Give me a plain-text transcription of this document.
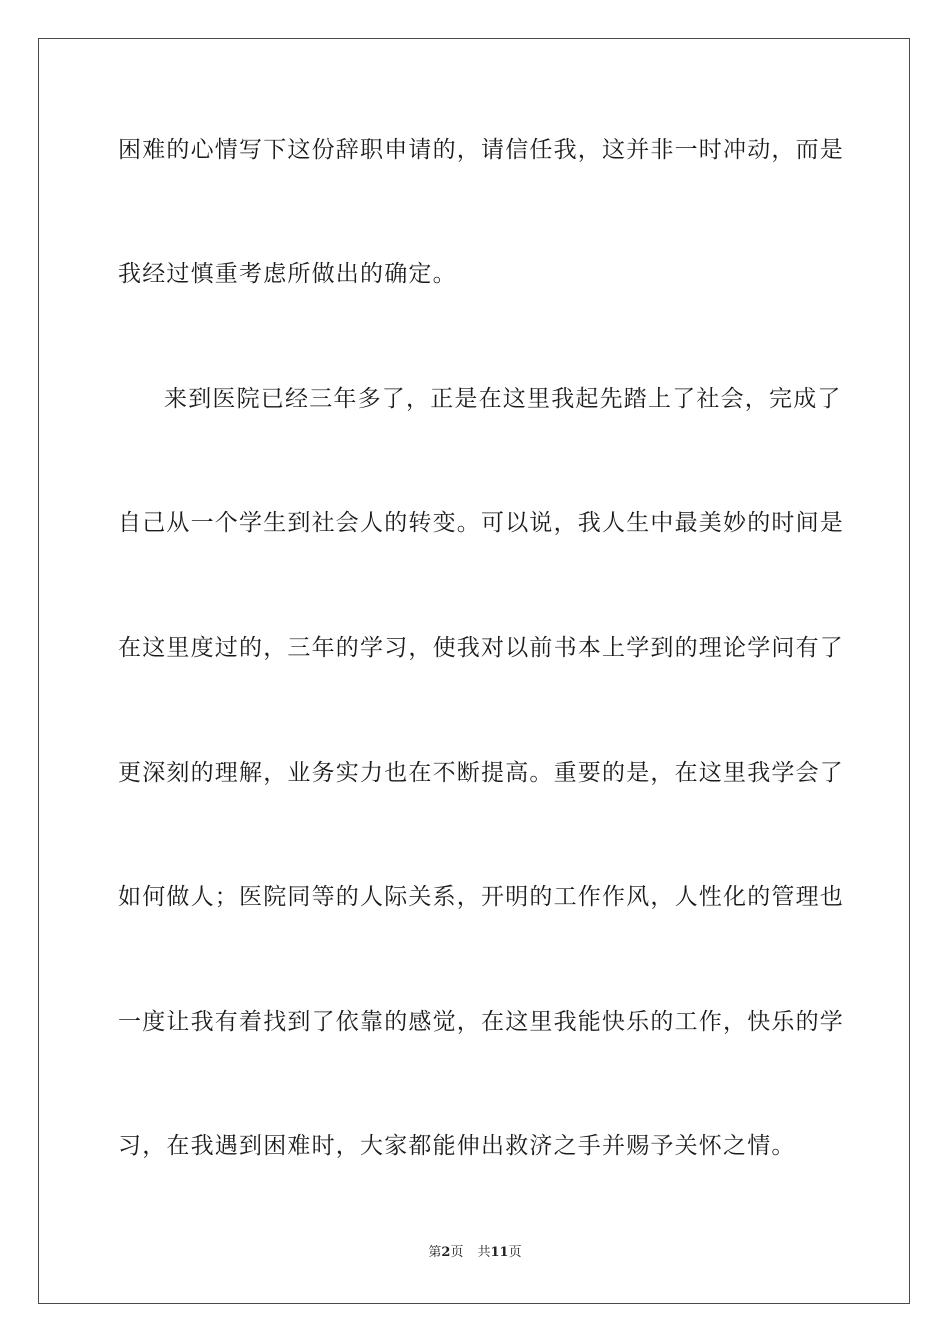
困难的心情写下这份辞职申请的，请信任我，这并非一时冲动，而是
我经过慎重考虑所做出的确定。
来到医院已经三年多了，正是在这里我起先踏上了社会，完成了
自己从一个学生到社会人的转变。可以说，我人生中最美妙的时间是
在这里度过的，三年的学习，使我对以前书本上学到的理论学问有了
更深刻的理解，业务实力也在不断提高。重要的是，在这里我学会了
如何做人；医院同等的人际关系，开明的工作作风，人性化的管理也
一度让我有着找到了依靠的感觉，在这里我能快乐的工作，快乐的学
习，在我遇到困难时，大家都能伸出救济之手并赐予关怀之情。
第2页 共11页
